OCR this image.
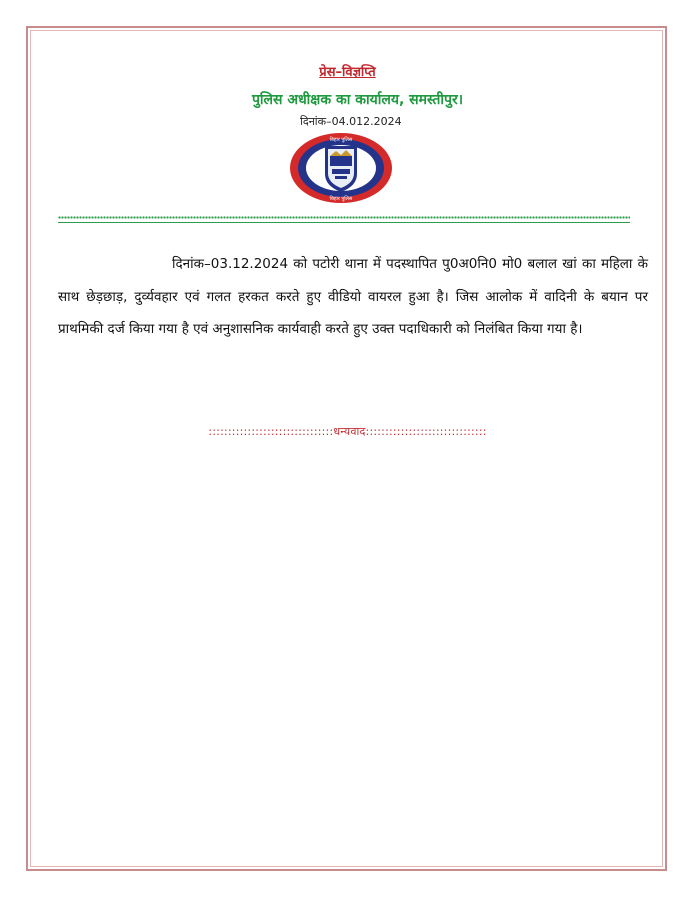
प्रेस–विज्ञप्ति
पुलिस अधीक्षक का कार्यालय, समस्तीपुर।
दिनांक–04.012.2024
बिहार पुलिस
बिहार पुलिस

दिनांक–03.12.2024 को पटोरी थाना में पदस्थापित पु0अ0नि0 मो0 बलाल खां का महिला के साथ छेड़छाड़, दुर्व्यवहार एवं गलत हरकत करते हुए वीडियो वायरल हुआ है। जिस आलोक में वादिनी के बयान पर प्राथमिकी दर्ज किया गया है एवं अनुशासनिक कार्यवाही करते हुए उक्त पदाधिकारी को निलंबित किया गया है।

::::::::::::::::::::::::::::::::धन्यवाद:::::::::::::::::::::::::::::::
